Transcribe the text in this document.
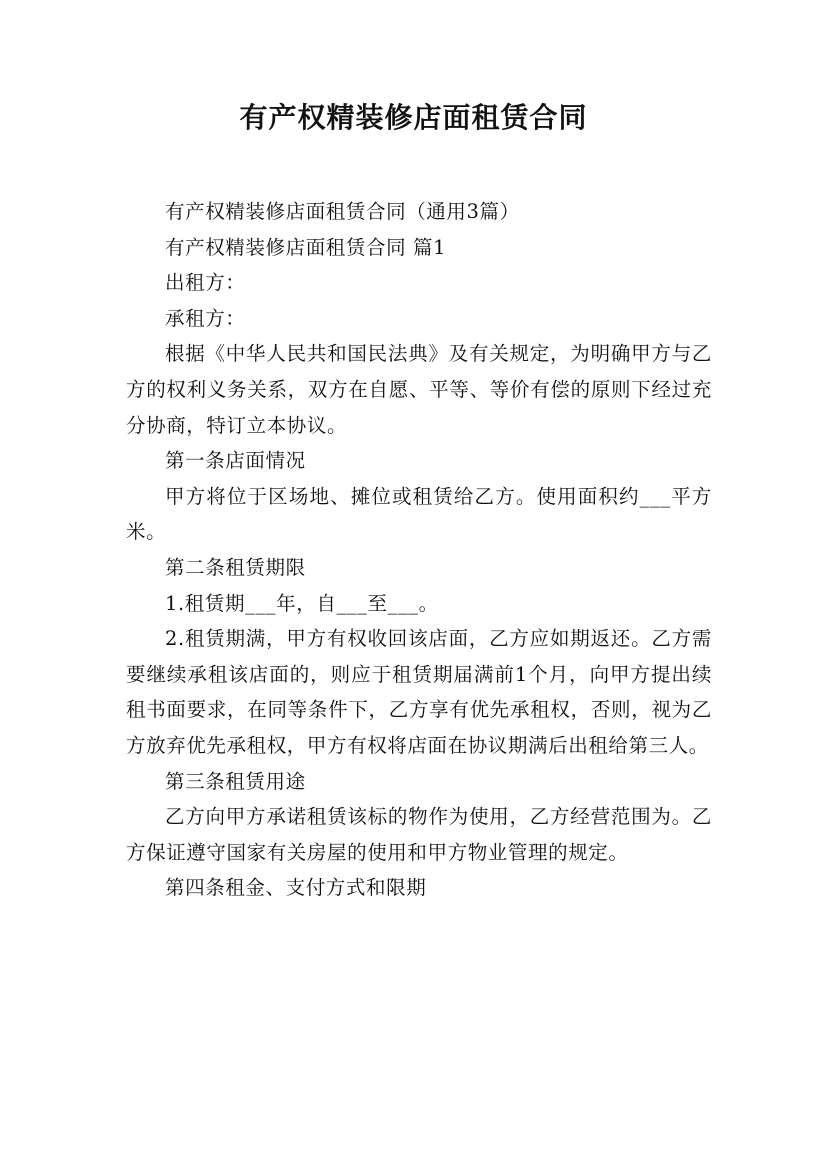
有产权精装修店面租赁合同

有产权精装修店面租赁合同（通用3篇）

有产权精装修店面租赁合同 篇1

出租方：

承租方：

根据《中华人民共和国民法典》及有关规定，为明确甲方与乙方的权利义务关系，双方在自愿、平等、等价有偿的原则下经过充分协商，特订立本协议。

第一条店面情况

甲方将位于区场地、摊位或租赁给乙方。使用面积约___平方米。

第二条租赁期限

1.租赁期___年，自___至___。

2.租赁期满，甲方有权收回该店面，乙方应如期返还。乙方需要继续承租该店面的，则应于租赁期届满前1个月，向甲方提出续租书面要求，在同等条件下，乙方享有优先承租权，否则，视为乙方放弃优先承租权，甲方有权将店面在协议期满后出租给第三人。

第三条租赁用途

乙方向甲方承诺租赁该标的物作为使用，乙方经营范围为。乙方保证遵守国家有关房屋的使用和甲方物业管理的规定。

第四条租金、支付方式和限期
